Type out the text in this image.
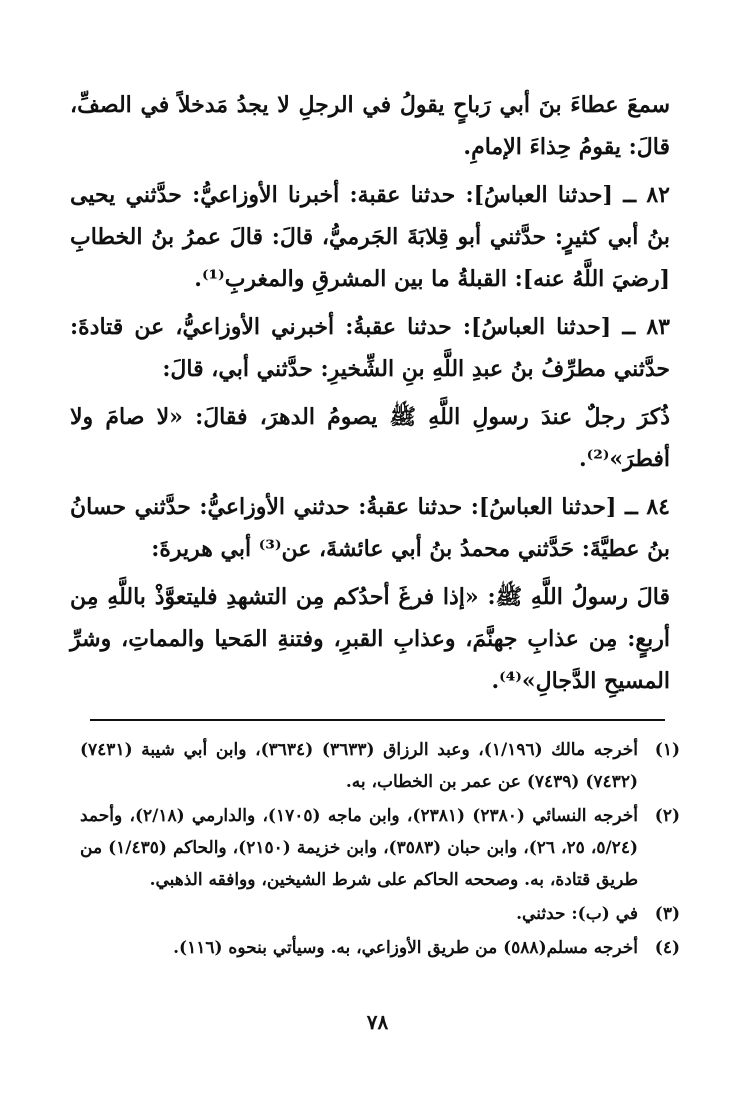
سمعَ عطاءَ بنَ أبي رَباحٍ يقولُ في الرجلِ لا يجدُ مَدخلاً في الصفِّ، قالَ: يقومُ حِذاءَ الإمامِ.

٨٢ ــ [حدثنا العباسُ]: حدثنا عقبة: أخبرنا الأوزاعيُّ: حدَّثني يحيى بنُ أبي كثيرٍ: حدَّثني أبو قِلابَةَ الجَرميُّ، قالَ: قالَ عمرُ بنُ الخطابِ [رضيَ اللَّهُ عنه]: القبلةُ ما بين المشرقِ والمغربِ⁽¹⁾.

٨٣ ــ [حدثنا العباسُ]: حدثنا عقبةُ: أخبرني الأوزاعيُّ، عن قتادةَ: حدَّثني مطرِّفُ بنُ عبدِ اللَّهِ بنِ الشِّخيرِ: حدَّثني أبي، قالَ:

ذُكرَ رجلٌ عندَ رسولِ اللَّهِ ﷺ يصومُ الدهرَ، فقالَ: «لا صامَ ولا أفطرَ»⁽²⁾.

٨٤ ــ [حدثنا العباسُ]: حدثنا عقبةُ: حدثني الأوزاعيُّ: حدَّثني حسانُ بنُ عطيَّةَ: حَدَّثني محمدُ بنُ أبي عائشةَ، عن⁽³⁾ أبي هريرةَ:

قالَ رسولُ اللَّهِ ﷺ: «إذا فرغَ أحدُكم مِن التشهدِ فليتعوَّذْ باللَّهِ مِن أربعٍ: مِن عذابِ جهنَّمَ، وعذابِ القبرِ، وفتنةِ المَحيا والمماتِ، وشرِّ المسيحِ الدَّجالِ»⁽⁴⁾.

(١)
أخرجه مالك (١/١٩٦)، وعبد الرزاق (٣٦٣٣) (٣٦٣٤)، وابن أبي شيبة (٧٤٣١) (٧٤٣٢) (٧٤٣٩) عن عمر بن الخطاب، به.
(٢)
أخرجه النسائي (٢٣٨٠) (٢٣٨١)، وابن ماجه (١٧٠٥)، والدارمي (٢/١٨)، وأحمد (٥/٢٤، ٢٥، ٢٦)، وابن حبان (٣٥٨٣)، وابن خزيمة (٢١٥٠)، والحاكم (١/٤٣٥) من طريق قتادة، به. وصححه الحاكم على شرط الشيخين، ووافقه الذهبي.
(٣)
في (ب): حدثني.
(٤)
أخرجه مسلم(٥٨٨) من طريق الأوزاعي، به. وسيأتي بنحوه (١١٦).
٧٨
